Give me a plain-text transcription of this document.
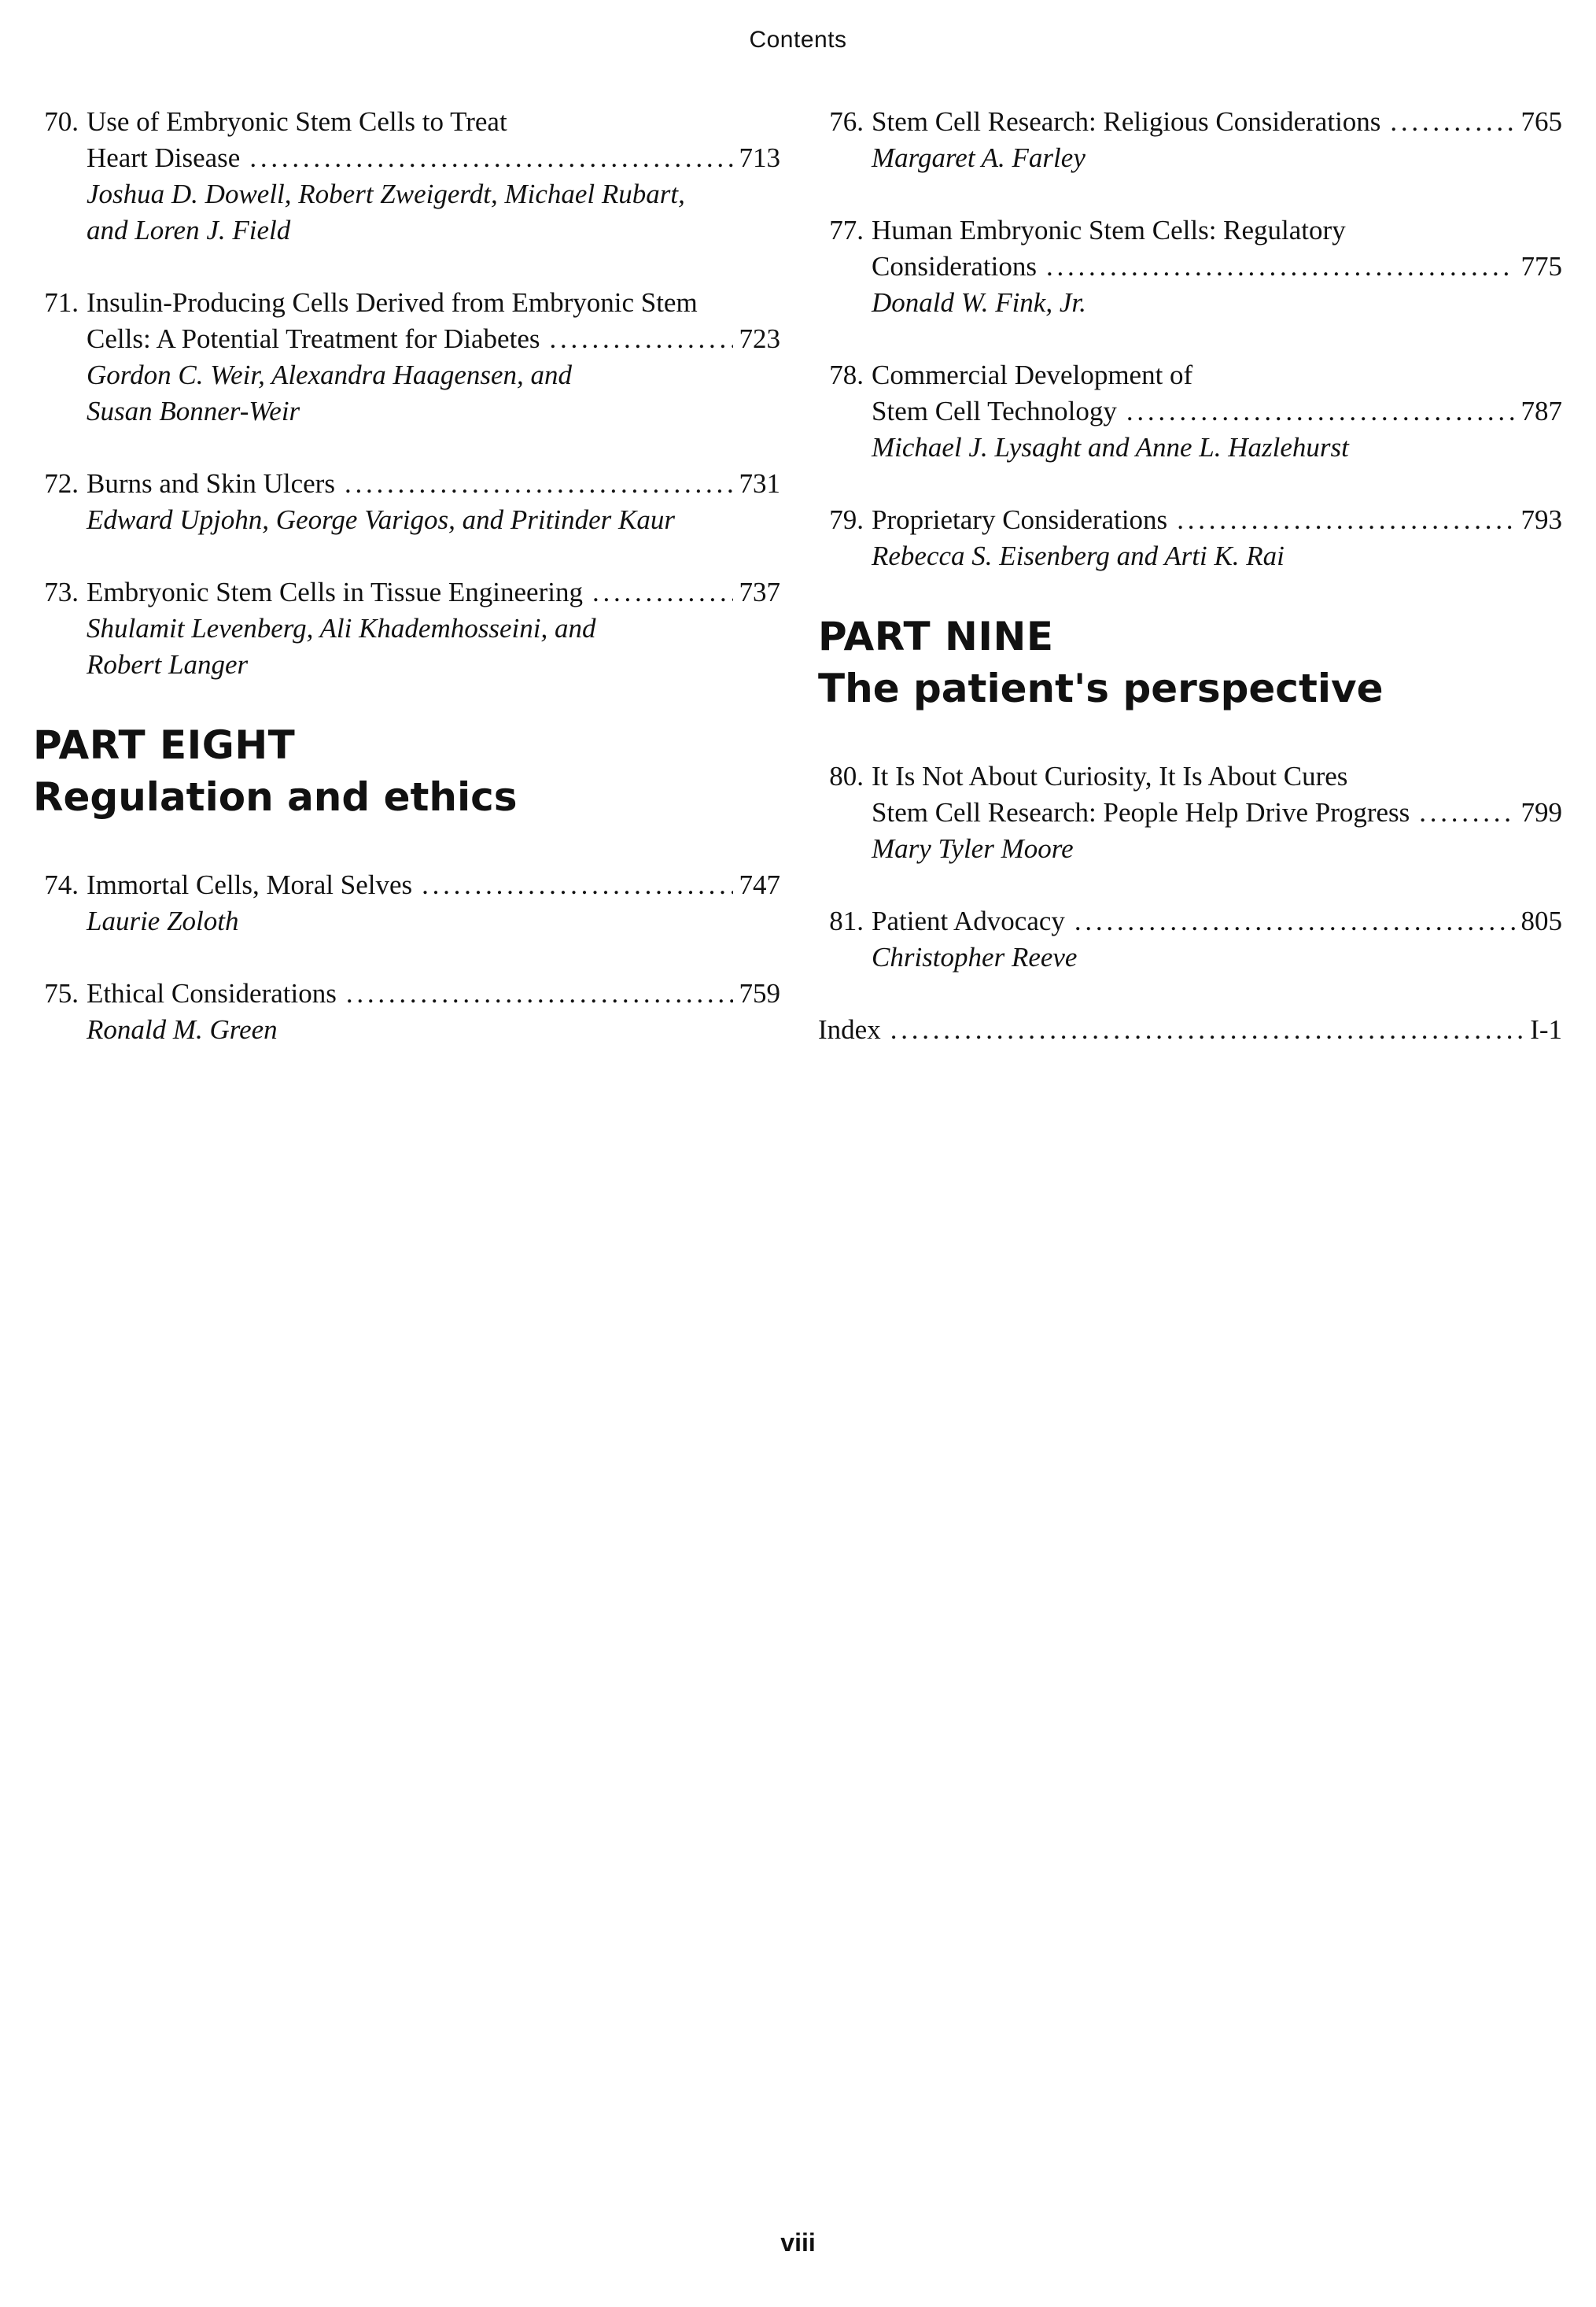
Contents
70. Use of Embryonic Stem Cells to Treat
Heart Disease . . .	713
Joshua D. Dowell, Robert Zweigerdt, Michael Rubart,
and Loren J. Field
71. Insulin-Producing Cells Derived from Embryonic Stem
Cells: A Potential Treatment for Diabetes . . .	723
Gordon C. Weir, Alexandra Haagensen, and
Susan Bonner-Weir
72. Burns and Skin Ulcers . . .	731
Edward Upjohn, George Varigos, and Pritinder Kaur
73. Embryonic Stem Cells in Tissue Engineering . . .	737
Shulamit Levenberg, Ali Khademhosseini, and
Robert Langer
PART EIGHT
Regulation and ethics
74. Immortal Cells, Moral Selves . . .	747
Laurie Zoloth
75. Ethical Considerations . . .	759
Ronald M. Green
76. Stem Cell Research: Religious Considerations . . .	765
Margaret A. Farley
77. Human Embryonic Stem Cells: Regulatory
Considerations . . .	775
Donald W. Fink, Jr.
78. Commercial Development of
Stem Cell Technology . . .	787
Michael J. Lysaght and Anne L. Hazlehurst
79. Proprietary Considerations . . .	793
Rebecca S. Eisenberg and Arti K. Rai
PART NINE
The patient's perspective
80. It Is Not About Curiosity, It Is About Cures
Stem Cell Research: People Help Drive Progress . . .	799
Mary Tyler Moore
81. Patient Advocacy . . .	805
Christopher Reeve
Index . . .	I-1
viii
